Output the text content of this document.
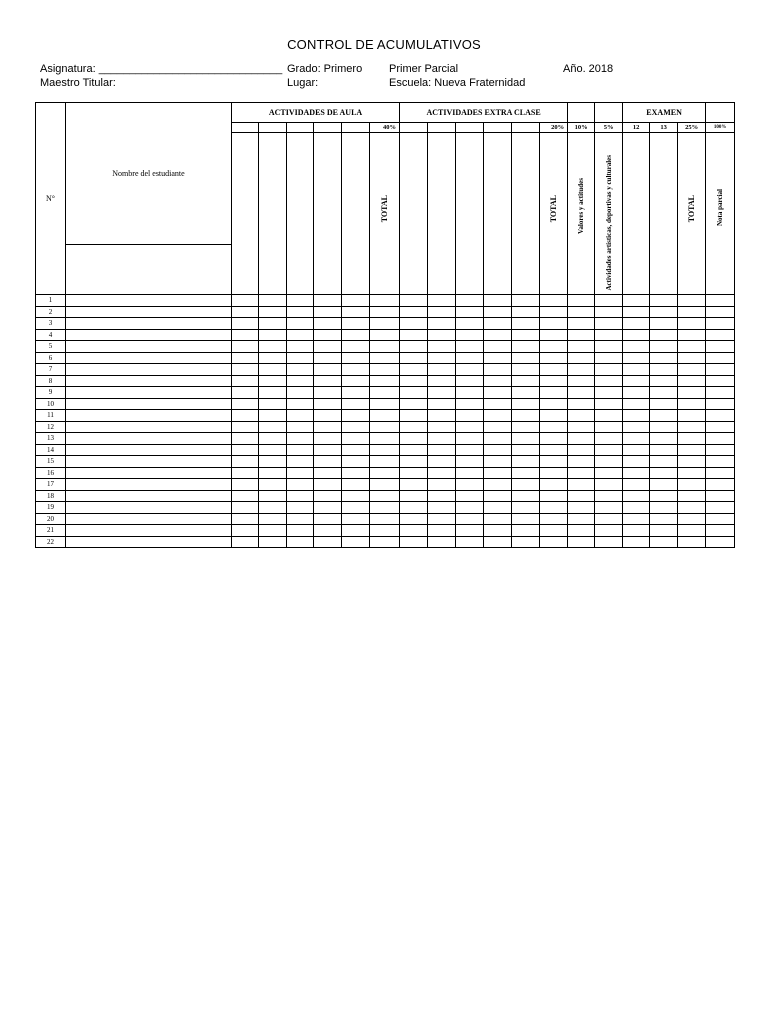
CONTROL DE ACUMULATIVOS
Asignatura: ______________________________
Maestro Titular:
Grado: Primero
Lugar:
Primer Parcial
Escuela: Nueva Fraternidad
Año. 2018
N°	Nombre del estudiante	ACTIVIDADES DE AULA						ACTIVIDADES EXTRA CLASE								EXAMEN			
							40%						20%	10%	5%	12	13	25%	100%
							TOTAL						TOTAL	Valores y actitudes	Actividades artísticas, deportivas y culturales			TOTAL	Nota parcial

1																			
2																			
3																			
4																			
5																			
6																			
7																			
8																			
9																			
10																			
11																			
12																			
13																			
14																			
15																			
16																			
17																			
18																			
19																			
20																			
21																			
22																			
